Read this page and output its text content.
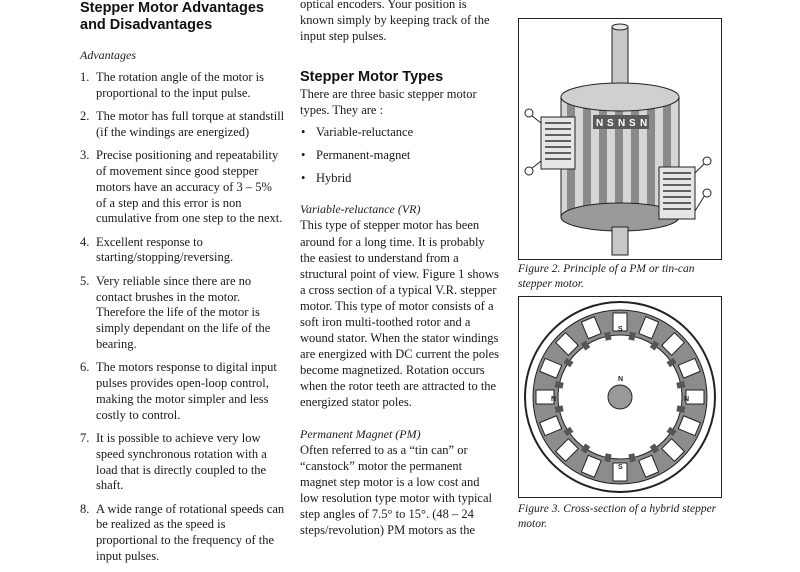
Stepper Motor Advantages
and Disadvantages

Advantages

1. The rotation angle of the motor is proportional to the input pulse.
2. The motor has full torque at standstill (if the windings are energized)
3. Precise positioning and repeatability of movement since good stepper motors have an accuracy of 3 – 5% of a step and this error is non cumulative from one step to the next.
4. Excellent response to starting/stopping/reversing.
5. Very reliable since there are no contact brushes in the motor. Therefore the life of the motor is simply dependant on the life of the bearing.
6. The motors response to digital input pulses provides open-loop control, making the motor simpler and less costly to control.
7. It is possible to achieve very low speed synchronous rotation with a load that is directly coupled to the shaft.
8. A wide range of rotational speeds can be realized as the speed is proportional to the frequency of the input pulses.

optical encoders. Your position is known simply by keeping track of the input step pulses.

Stepper Motor Types

There are three basic stepper motor types. They are :

• Variable-reluctance
• Permanent-magnet
• Hybrid

Variable-reluctance (VR)

This type of stepper motor has been around for a long time. It is probably the easiest to understand from a structural point of view. Figure 1 shows a cross section of a typical V.R. stepper motor. This type of motor consists of a soft iron multi-toothed rotor and a wound stator. When the stator windings are energized with DC current the poles become magnetized. Rotation occurs when the rotor teeth are attracted to the energized stator poles.

Permanent Magnet (PM)

Often referred to as a “tin can” or “canstock” motor the permanent magnet step motor is a low cost and low resolution type motor with typical step angles of 7.5° to 15°. (48 – 24 steps/revolution) PM motors as the

N S N S N
Figure 2. Principle of a PM or tin-can stepper motor.
S
N
N	N
S
Figure 3. Cross-section of a hybrid stepper motor.
